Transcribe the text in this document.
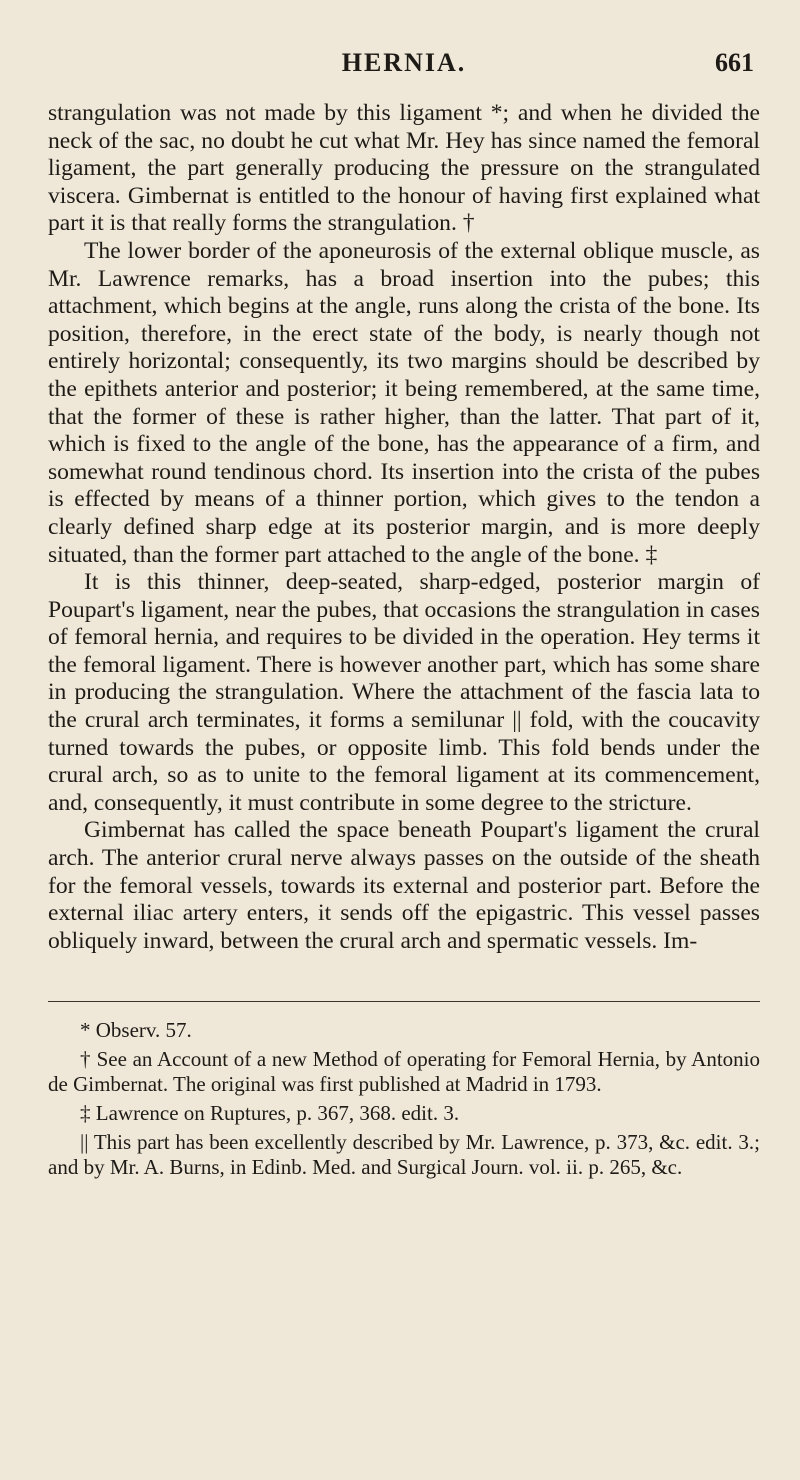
HERNIA.	661

strangulation was not made by this ligament *; and when he divided the neck of the sac, no doubt he cut what Mr. Hey has since named the femoral ligament, the part generally producing the pressure on the strangulated viscera. Gimbernat is entitled to the honour of having first explained what part it is that really forms the strangulation. †

The lower border of the aponeurosis of the external oblique muscle, as Mr. Lawrence remarks, has a broad insertion into the pubes; this attachment, which begins at the angle, runs along the crista of the bone. Its position, therefore, in the erect state of the body, is nearly though not entirely horizontal; consequently, its two margins should be described by the epithets anterior and posterior; it being remembered, at the same time, that the former of these is rather higher, than the latter. That part of it, which is fixed to the angle of the bone, has the appearance of a firm, and somewhat round tendinous chord. Its insertion into the crista of the pubes is effected by means of a thinner portion, which gives to the tendon a clearly defined sharp edge at its posterior margin, and is more deeply situated, than the former part attached to the angle of the bone. ‡

It is this thinner, deep-seated, sharp-edged, posterior margin of Poupart's ligament, near the pubes, that occasions the strangulation in cases of femoral hernia, and requires to be divided in the operation. Hey terms it the femoral ligament. There is however another part, which has some share in producing the strangulation. Where the attachment of the fascia lata to the crural arch terminates, it forms a semilunar || fold, with the coucavity turned towards the pubes, or opposite limb. This fold bends under the crural arch, so as to unite to the femoral ligament at its commencement, and, consequently, it must contribute in some degree to the stricture.

Gimbernat has called the space beneath Poupart's ligament the crural arch. The anterior crural nerve always passes on the outside of the sheath for the femoral vessels, towards its external and posterior part. Before the external iliac artery enters, it sends off the epigastric. This vessel passes obliquely inward, between the crural arch and spermatic vessels. Im-

* Observ. 57.

† See an Account of a new Method of operating for Femoral Hernia, by Antonio de Gimbernat. The original was first published at Madrid in 1793.

‡ Lawrence on Ruptures, p. 367, 368. edit. 3.

|| This part has been excellently described by Mr. Lawrence, p. 373, &c. edit. 3.; and by Mr. A. Burns, in Edinb. Med. and Surgical Journ. vol. ii. p. 265, &c.
